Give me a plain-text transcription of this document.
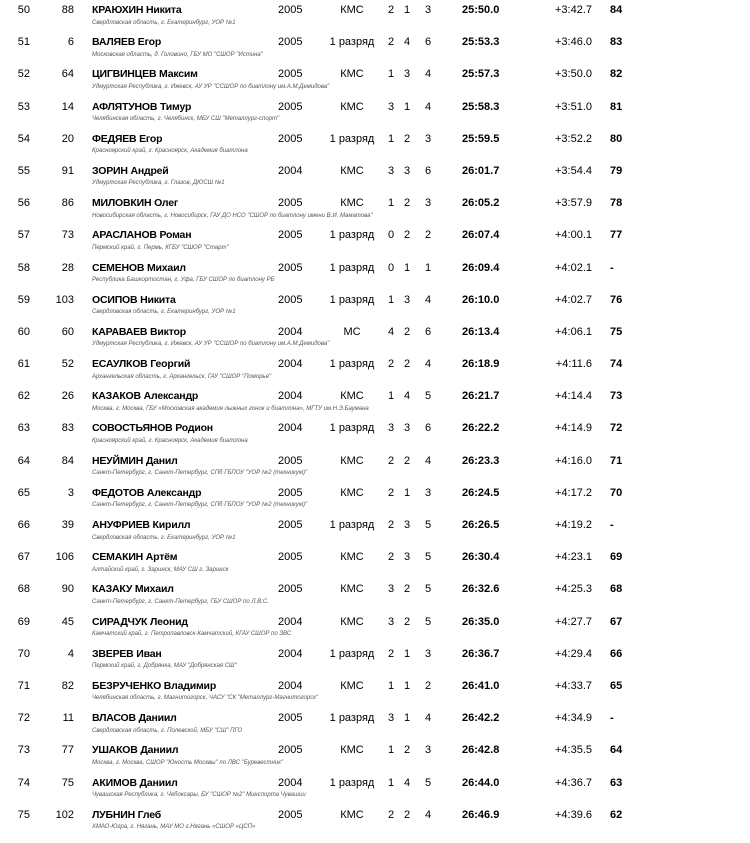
50	88 КРАЮХИН Никита	2005	КМС	2 1 3	25:50.0	+3:42.7 84
Свердловская область, г. Екатеринбург, УОР №1
51	6 ВАЛЯЕВ Егор	2005	1 разряд	2 4 6	25:53.3	+3:46.0 83
Московская область, д. Головино, ГБУ МО "СШОР "Истина"
52	64 ЦИГВИНЦЕВ Максим	2005	КМС	1 3 4	25:57.3	+3:50.0 82
Удмуртская Республика, г. Ижевск, АУ УР "ССШОР по биатлону им.А.М.Демидова"
53	14 АФЛЯТУНОВ Тимур	2005	КМС	3 1 4	25:58.3	+3:51.0 81
Челябинская область, г. Челябинск, МБУ СШ "Металлург-спорт"
54	20 ФЕДЯЕВ Егор	2005	1 разряд	1 2 3	25:59.5	+3:52.2 80
Красноярский край, г. Красноярск, Академия биатлона
55	91 ЗОРИН Андрей	2004	КМС	3 3 6	26:01.7	+3:54.4 79
Удмуртская Республика, г. Глазов, ДЮСШ №1
56	86 МИЛОВКИН Олег	2005	КМС	1 2 3	26:05.2	+3:57.9 78
Новосибирская область, г. Новосибирск, ГАУ ДО НСО "СШОР по биатлону имени В.И. Маматова"
57	73 АРАСЛАНОВ Роман	2005	1 разряд	0 2 2	26:07.4	+4:00.1 77
Пермский край, г. Пермь, КГБУ "СШОР "Старт"
58	28 СЕМЕНОВ Михаил	2005	1 разряд	0 1 1	26:09.4	+4:02.1 -
Республика Башкортостан, г. Уфа, ГБУ СШОР по биатлону РБ
59	103 ОСИПОВ Никита	2005	1 разряд	1 3 4	26:10.0	+4:02.7 76
Свердловская область, г. Екатеринбург, УОР №1
60	60 КАРАВАЕВ Виктор	2004	МС	4 2 6	26:13.4	+4:06.1 75
Удмуртская Республика, г. Ижевск, АУ УР "ССШОР по биатлону им.А.М.Демидова"
61	52 ЕСАУЛКОВ Георгий	2004	1 разряд	2 2 4	26:18.9	+4:11.6 74
Архангельская область, г. Архангельск, ГАУ "СШОР "Поморье"
62	26 КАЗАКОВ Александр	2004	КМС	1 4 5	26:21.7	+4:14.4 73
Москва, г. Москва, ГБУ «Московская академия лыжных гонок и биатлона», МГТУ им.Н.Э.Баумана
63	83 СОВОСТЬЯНОВ Родион	2004	1 разряд	3 3 6	26:22.2	+4:14.9 72
Красноярский край, г. Красноярск, Академия биатлона
64	84 НЕУЙМИН Данил	2005	КМС	2 2 4	26:23.3	+4:16.0 71
Санкт-Петербург, г. Санкт-Петербург, СПб ГБПОУ "УОР №2 (техникум)"
65	3 ФЕДОТОВ Александр	2005	КМС	2 1 3	26:24.5	+4:17.2 70
Санкт-Петербург, г. Санкт-Петербург, СПб ГБПОУ "УОР №2 (техникум)"
66	39 АНУФРИЕВ Кирилл	2005	1 разряд	2 3 5	26:26.5	+4:19.2 -
Свердловская область, г. Екатеринбург, УОР №1
67	106 СЕМАКИН Артём	2005	КМС	2 3 5	26:30.4	+4:23.1 69
Алтайский край, г. Заринск, МАУ СШ г. Заринск
68	90 КАЗАКУ Михаил	2005	КМС	3 2 5	26:32.6	+4:25.3 68
Санкт-Петербург, г. Санкт-Петербург, ГБУ СШОР по Л.В.С.
69	45 СИРАДЧУК Леонид	2004	КМС	3 2 5	26:35.0	+4:27.7 67
Камчатский край, г. Петропавловск-Камчатский, КГАУ СШОР по ЗВС
70	4 ЗВЕРЕВ Иван	2004	1 разряд	2 1 3	26:36.7	+4:29.4 66
Пермский край, г. Добрянка, МАУ "Добрянская СШ"
71	82 БЕЗРУЧЕНКО Владимир	2004	КМС	1 1 2	26:41.0	+4:33.7 65
Челябинская область, г. Магнитогорск, ЧАСУ "СК "Металлург-Магнитогорск"
72	11 ВЛАСОВ Даниил	2005	1 разряд	3 1 4	26:42.2	+4:34.9 -
Свердловская область, г. Полевской, МБУ "СШ" ПГО
73	77 УШАКОВ Даниил	2005	КМС	1 2 3	26:42.8	+4:35.5 64
Москва, г. Москва, СШОР "Юность Москвы" по ЛВС "Буревестник"
74	75 АКИМОВ Даниил	2004	1 разряд	1 4 5	26:44.0	+4:36.7 63
Чувашская Республика, г. Чебоксары, БУ "СШОР №2" Минспорта Чувашии
75	102 ЛУБНИН Глеб	2005	КМС	2 2 4	26:46.9	+4:39.6 62
ХМАО-Югра, г. Нягань, МАУ МО г.Нягань «СШОР «ЦСП»
